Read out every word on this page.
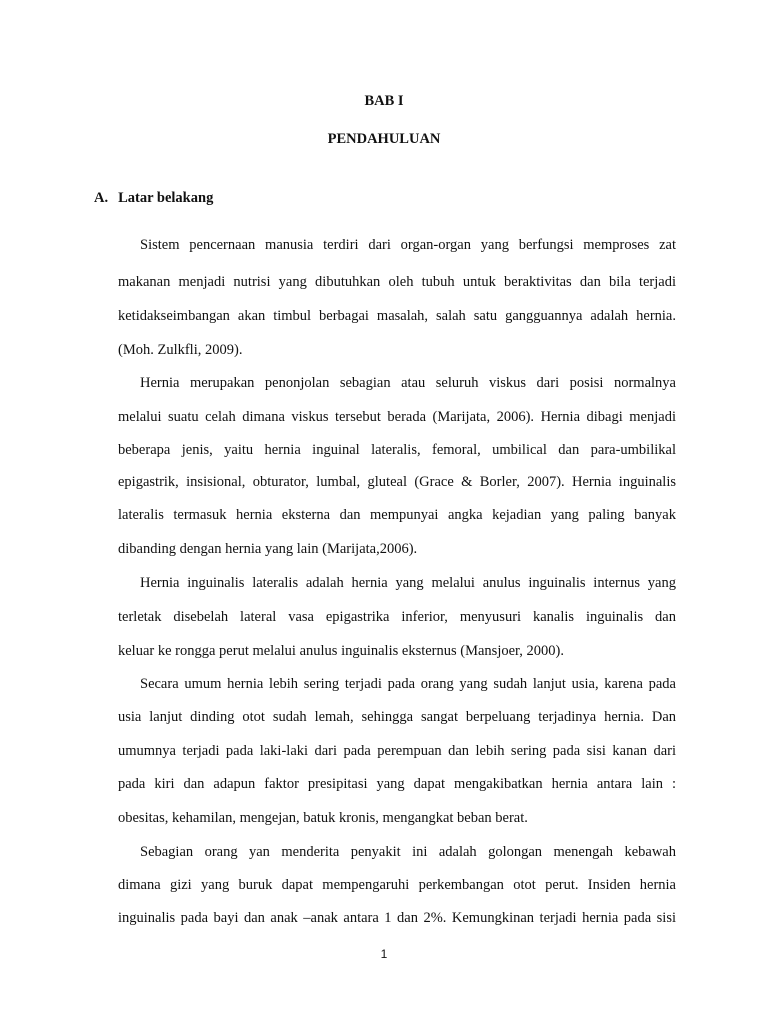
BAB I
PENDAHULUAN
A. Latar belakang
Sistem pencernaan manusia terdiri dari organ-organ yang berfungsi memproses zat
makanan menjadi nutrisi yang dibutuhkan oleh tubuh untuk beraktivitas dan bila terjadi
ketidakseimbangan akan timbul berbagai masalah, salah satu gangguannya adalah hernia.
(Moh. Zulkfli, 2009).
Hernia merupakan penonjolan sebagian atau seluruh viskus dari posisi normalnya
melalui suatu celah dimana viskus tersebut berada (Marijata, 2006). Hernia dibagi menjadi
beberapa jenis, yaitu hernia inguinal lateralis, femoral, umbilical dan para-umbilikal
epigastrik, insisional, obturator, lumbal, gluteal (Grace & Borler, 2007). Hernia inguinalis
lateralis termasuk hernia eksterna dan mempunyai angka kejadian yang paling banyak
dibanding dengan hernia yang lain (Marijata,2006).
Hernia inguinalis lateralis adalah hernia yang melalui anulus inguinalis internus yang
terletak disebelah lateral vasa epigastrika inferior, menyusuri kanalis inguinalis dan
keluar ke rongga perut melalui anulus inguinalis eksternus (Mansjoer, 2000).
Secara umum hernia lebih sering terjadi pada orang yang sudah lanjut usia, karena pada
usia lanjut dinding otot sudah lemah, sehingga sangat berpeluang terjadinya hernia. Dan
umumnya terjadi pada laki-laki dari pada perempuan dan lebih sering pada sisi kanan dari
pada kiri dan adapun faktor presipitasi yang dapat mengakibatkan hernia antara lain :
obesitas, kehamilan, mengejan, batuk kronis, mengangkat beban berat.
Sebagian orang yan menderita penyakit ini adalah golongan menengah kebawah
dimana gizi yang buruk dapat mempengaruhi perkembangan otot perut. Insiden hernia
inguinalis pada bayi dan anak –anak antara 1 dan 2%. Kemungkinan terjadi hernia pada sisi
1
